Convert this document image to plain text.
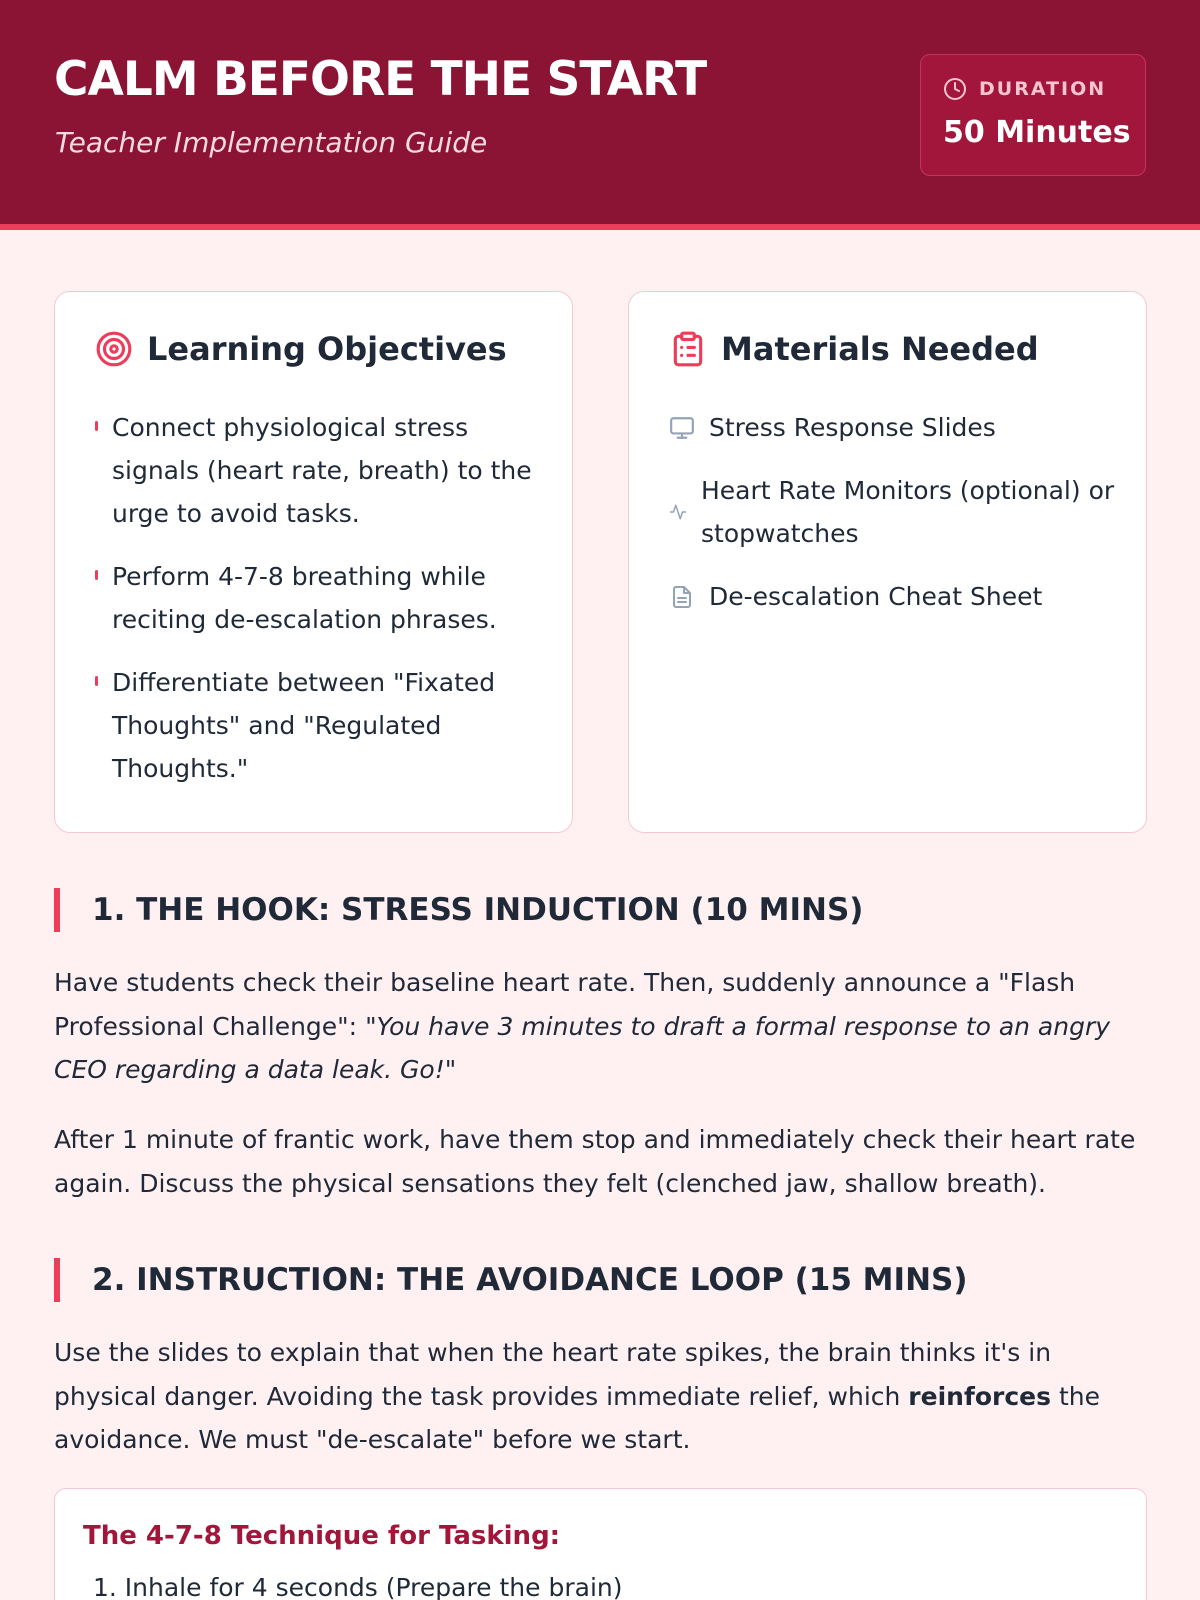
CALM BEFORE THE START
Teacher Implementation Guide
DURATION
50 Minutes
Learning Objectives
Connect physiological stress signals (heart rate, breath) to the urge to avoid tasks.
Perform 4-7-8 breathing while reciting de-escalation phrases.
Differentiate between "Fixated Thoughts" and "Regulated Thoughts."
Materials Needed
Stress Response Slides
Heart Rate Monitors (optional) or stopwatches
De-escalation Cheat Sheet
1. THE HOOK: STRESS INDUCTION (10 MINS)

Have students check their baseline heart rate. Then, suddenly announce a "Flash Professional Challenge": "You have 3 minutes to draft a formal response to an angry CEO regarding a data leak. Go!"

After 1 minute of frantic work, have them stop and immediately check their heart rate again. Discuss the physical sensations they felt (clenched jaw, shallow breath).

2. INSTRUCTION: THE AVOIDANCE LOOP (15 MINS)

Use the slides to explain that when the heart rate spikes, the brain thinks it's in physical danger. Avoiding the task provides immediate relief, which reinforces the avoidance. We must "de-escalate" before we start.

The 4-7-8 Technique for Tasking:
1. Inhale for 4 seconds (Prepare the brain)
